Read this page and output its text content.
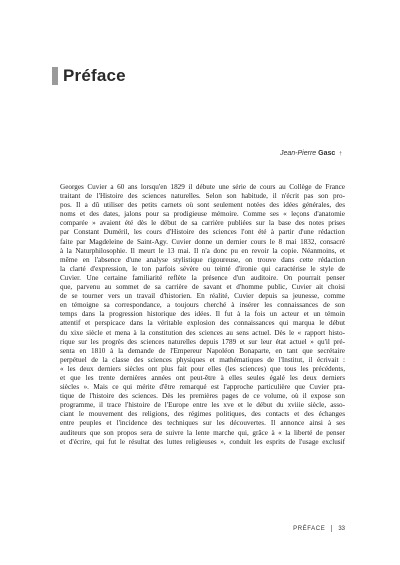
Préface
Jean-Pierre Gasc †
Georges Cuvier a 60 ans lorsqu'en 1829 il débute une série de cours au Collège de France
traitant de l'Histoire des sciences naturelles. Selon son habitude, il n'écrit pas son pro-
pos. Il a dû utiliser des petits carnets où sont seulement notées des idées générales, des
noms et des dates, jalons pour sa prodigieuse mémoire. Comme ses « leçons d'anatomie
comparée » avaient été dès le début de sa carrière publiées sur la base des notes prises
par Constant Duméril, les cours d'Histoire des sciences l'ont été à partir d'une rédaction
faite par Magdeleine de Saint-Agy. Cuvier donne un dernier cours le 8 mai 1832, consacré
à la Naturphilosophie. Il meurt le 13 mai. Il n'a donc pu en revoir la copie. Néanmoins, et
même en l'absence d'une analyse stylistique rigoureuse, on trouve dans cette rédaction
la clarté d'expression, le ton parfois sévère ou teinté d'ironie qui caractérise le style de
Cuvier. Une certaine familiarité reflète la présence d'un auditoire. On pourrait penser
que, parvenu au sommet de sa carrière de savant et d'homme public, Cuvier ait choisi
de se tourner vers un travail d'historien. En réalité, Cuvier depuis sa jeunesse, comme
en témoigne sa correspondance, a toujours cherché à insérer les connaissances de son
temps dans la progression historique des idées. Il fut à la fois un acteur et un témoin
attentif et perspicace dans la véritable explosion des connaissances qui marqua le début
du xixe siècle et mena à la constitution des sciences au sens actuel. Dès le « rapport histo-
rique sur les progrès des sciences naturelles depuis 1789 et sur leur état actuel » qu'il pré-
senta en 1810 à la demande de l'Empereur Napoléon Bonaparte, en tant que secrétaire
perpétuel de la classe des sciences physiques et mathématiques de l'Institut, il écrivait :
« les deux derniers siècles ont plus fait pour elles (les sciences) que tous les précédents,
et que les trente dernières années ont peut-être à elles seules égalé les deux derniers
siècles ». Mais ce qui mérite d'être remarqué est l'approche particulière que Cuvier pra-
tique de l'histoire des sciences. Dès les premières pages de ce volume, où il expose son
programme, il trace l'histoire de l'Europe entre les xve et le début du xviiie siècle, asso-
ciant le mouvement des religions, des régimes politiques, des contacts et des échanges
entre peuples et l'incidence des techniques sur les découvertes. Il annonce ainsi à ses
auditeurs que son propos sera de suivre la lente marche qui, grâce à « la liberté de penser
et d'écrire, qui fut le résultat des luttes religieuses », conduit les esprits de l'usage exclusif
PRÉFACE 33
